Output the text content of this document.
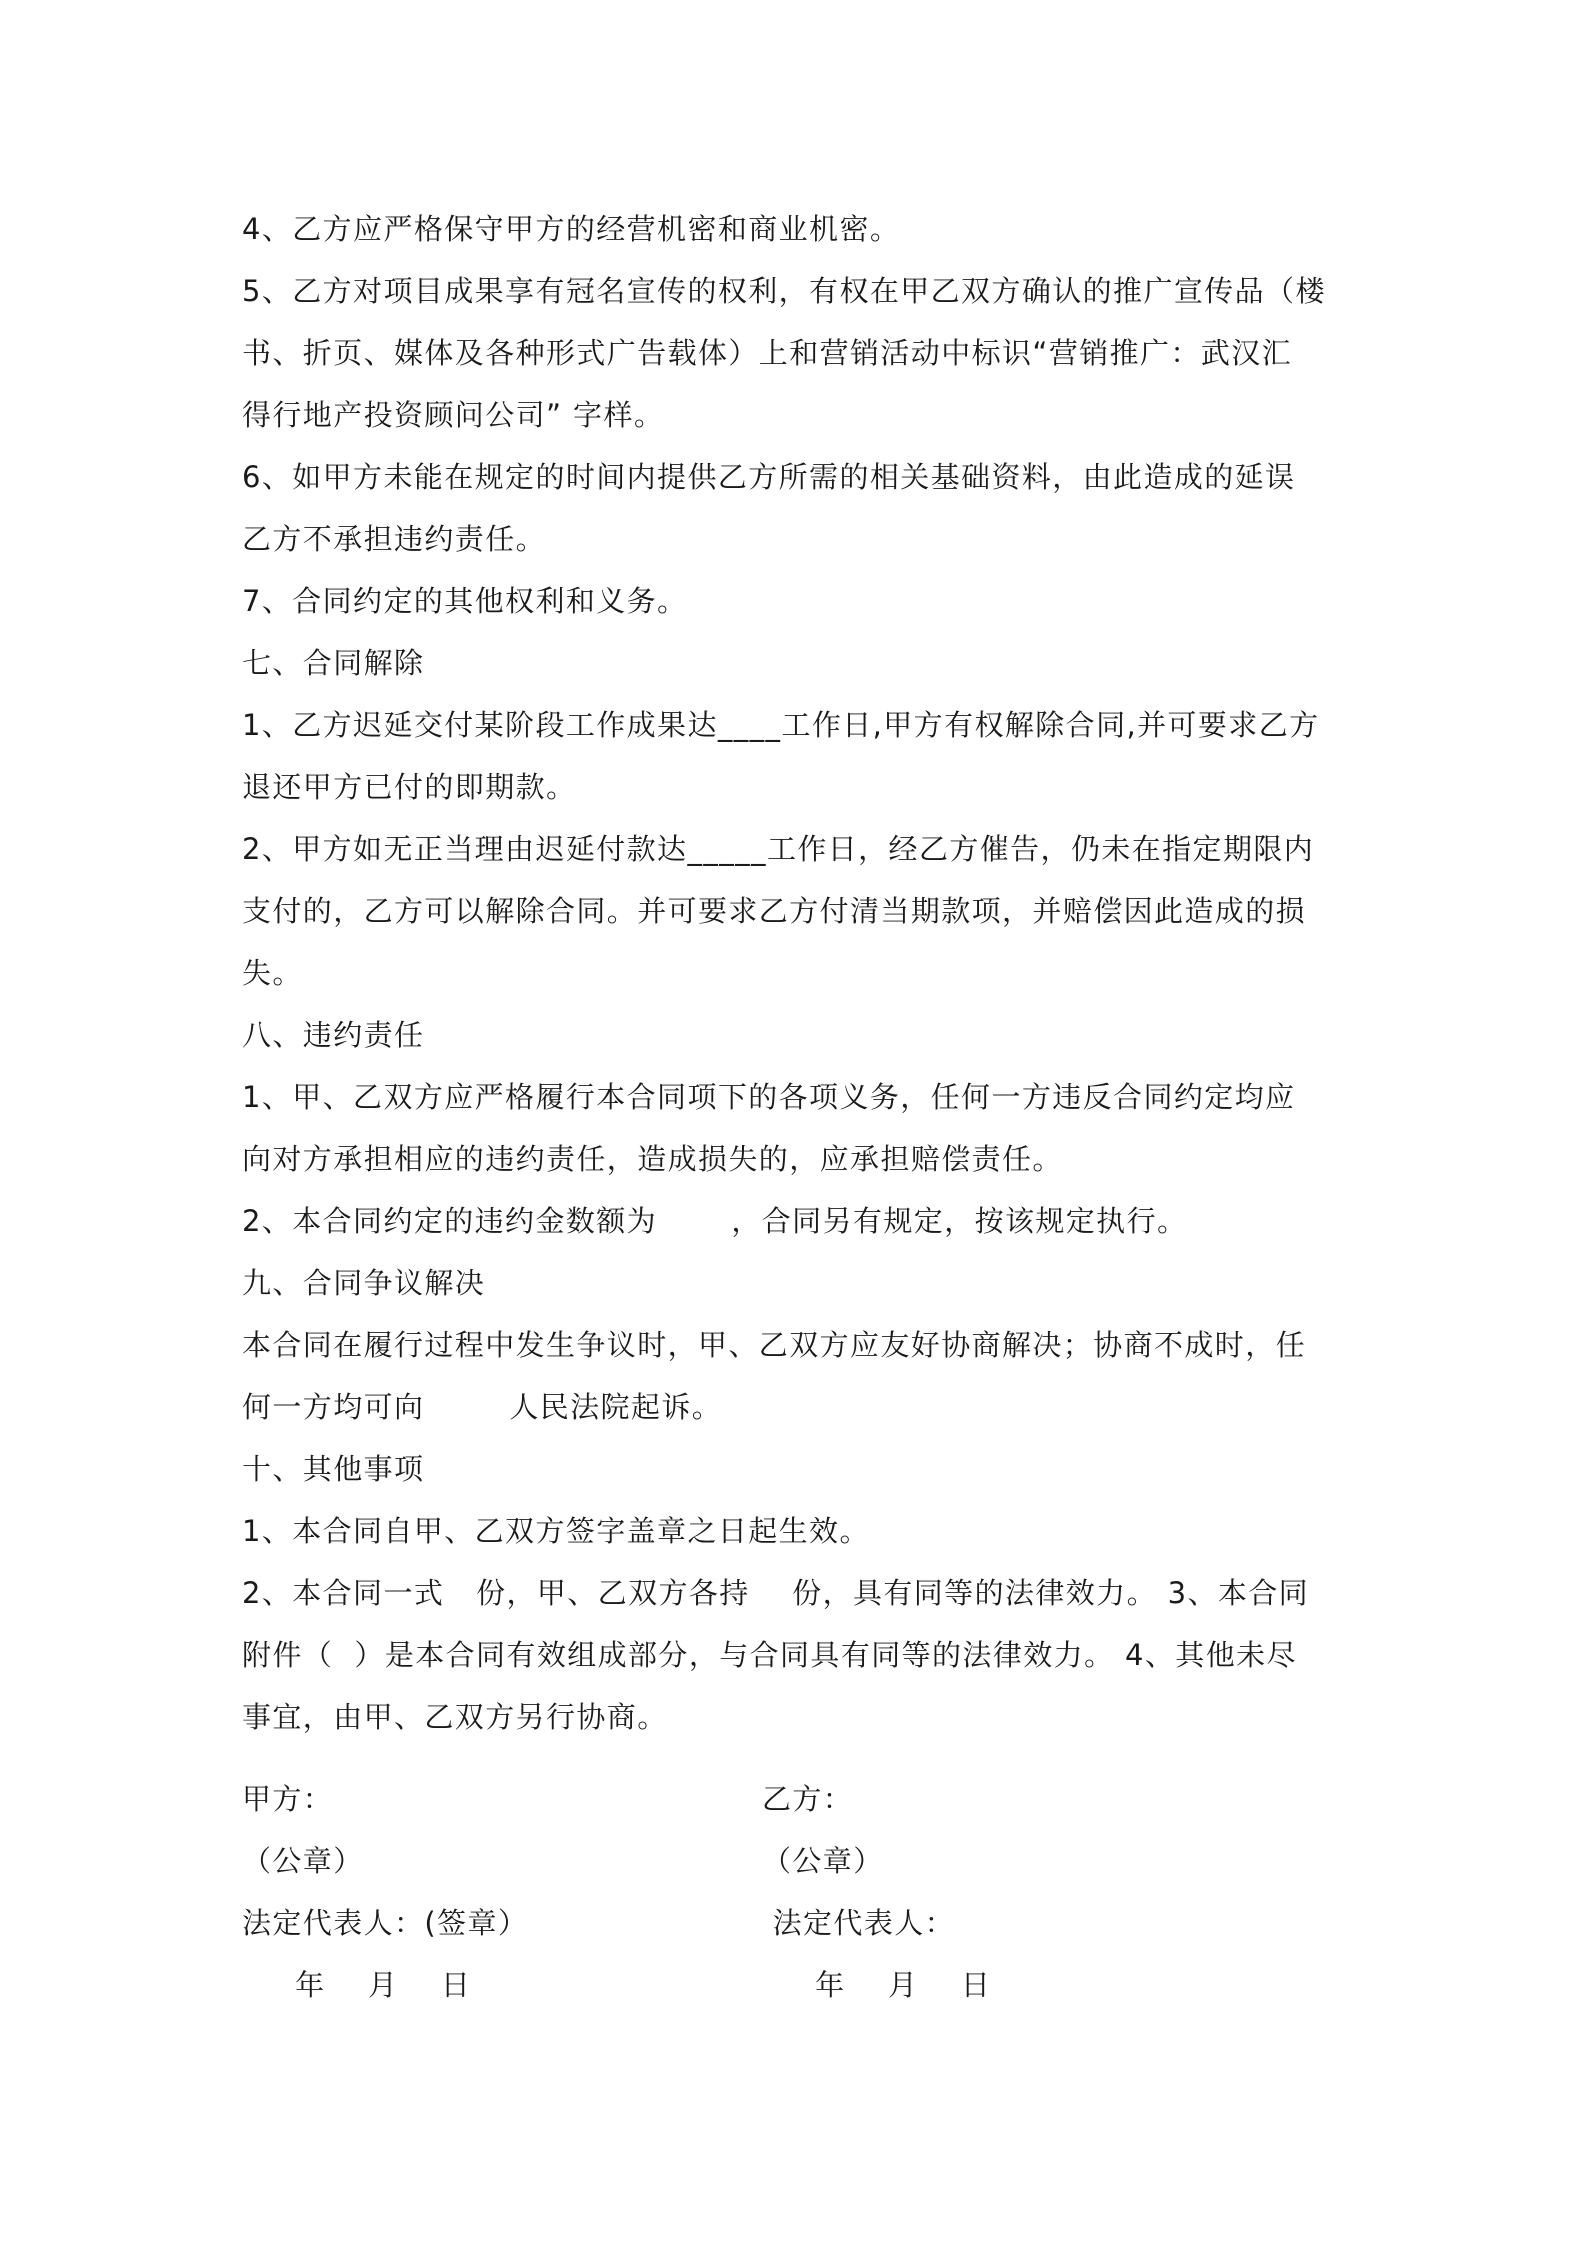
4、乙方应严格保守甲方的经营机密和商业机密。
5、乙方对项目成果享有冠名宣传的权利，有权在甲乙双方确认的推广宣传品（楼
书、折页、媒体及各种形式广告载体）上和营销活动中标识“营销推广：武汉汇
得行地产投资顾问公司” 字样。
6、如甲方未能在规定的时间内提供乙方所需的相关基础资料，由此造成的延误
乙方不承担违约责任。
7、合同约定的其他权利和义务。
七、合同解除
1、乙方迟延交付某阶段工作成果达____工作日,甲方有权解除合同,并可要求乙方
退还甲方已付的即期款。
2、甲方如无正当理由迟延付款达_____工作日，经乙方催告，仍未在指定期限内
支付的，乙方可以解除合同。并可要求乙方付清当期款项，并赔偿因此造成的损
失。
八、违约责任
1、甲、乙双方应严格履行本合同项下的各项义务，任何一方违反合同约定均应
向对方承担相应的违约责任，造成损失的，应承担赔偿责任。
2、本合同约定的违约金数额为       ，合同另有规定，按该规定执行。
九、合同争议解决
本合同在履行过程中发生争议时，甲、乙双方应友好协商解决；协商不成时，任
何一方均可向        人民法院起诉。
十、其他事项
1、本合同自甲、乙双方签字盖章之日起生效。
2、本合同一式   份，甲、乙双方各持    份，具有同等的法律效力。 3、本合同
附件（  ）是本合同有效组成部分，与合同具有同等的法律效力。 4、其他未尽
事宜，由甲、乙双方另行协商。

甲方：

	乙方：

（公章）

	（公章）

法定代表人：(签章）

	法定代表人：

年    月    日

	年    月    日
